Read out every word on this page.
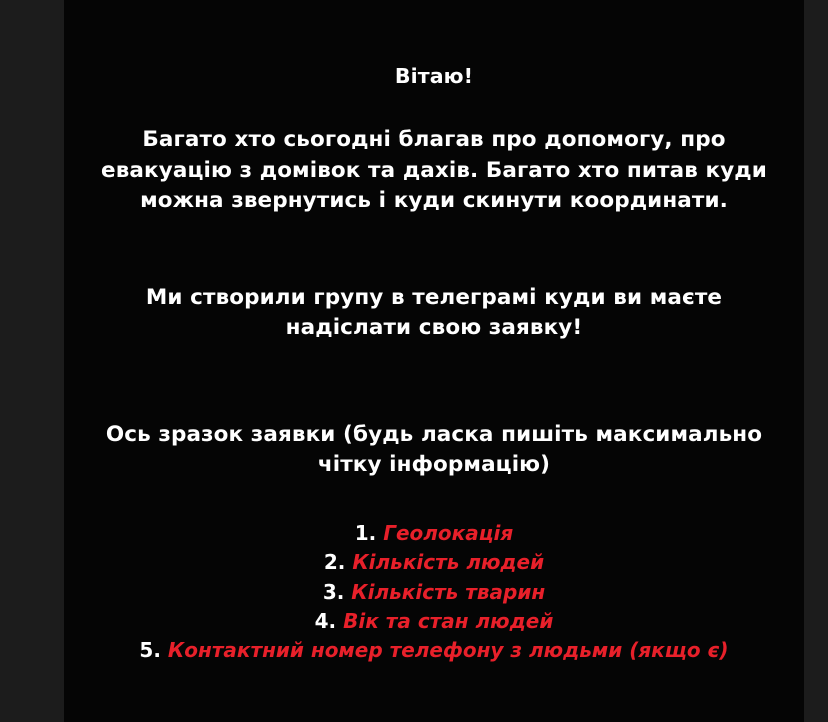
Вітаю!
Багато хто сьогодні благав про допомогу, про евакуацію з домівок та дахів. Багато хто питав куди можна звернутись і куди скинути координати.
Ми створили групу в телеграмі куди ви маєте надіслати свою заявку!
Ось зразок заявки (будь ласка пишіть максимально чітку інформацію)
1. Геолокація
2. Кількість людей
3. Кількість тварин
4. Вік та стан людей
5. Контактний номер телефону з людьми (якщо є)
